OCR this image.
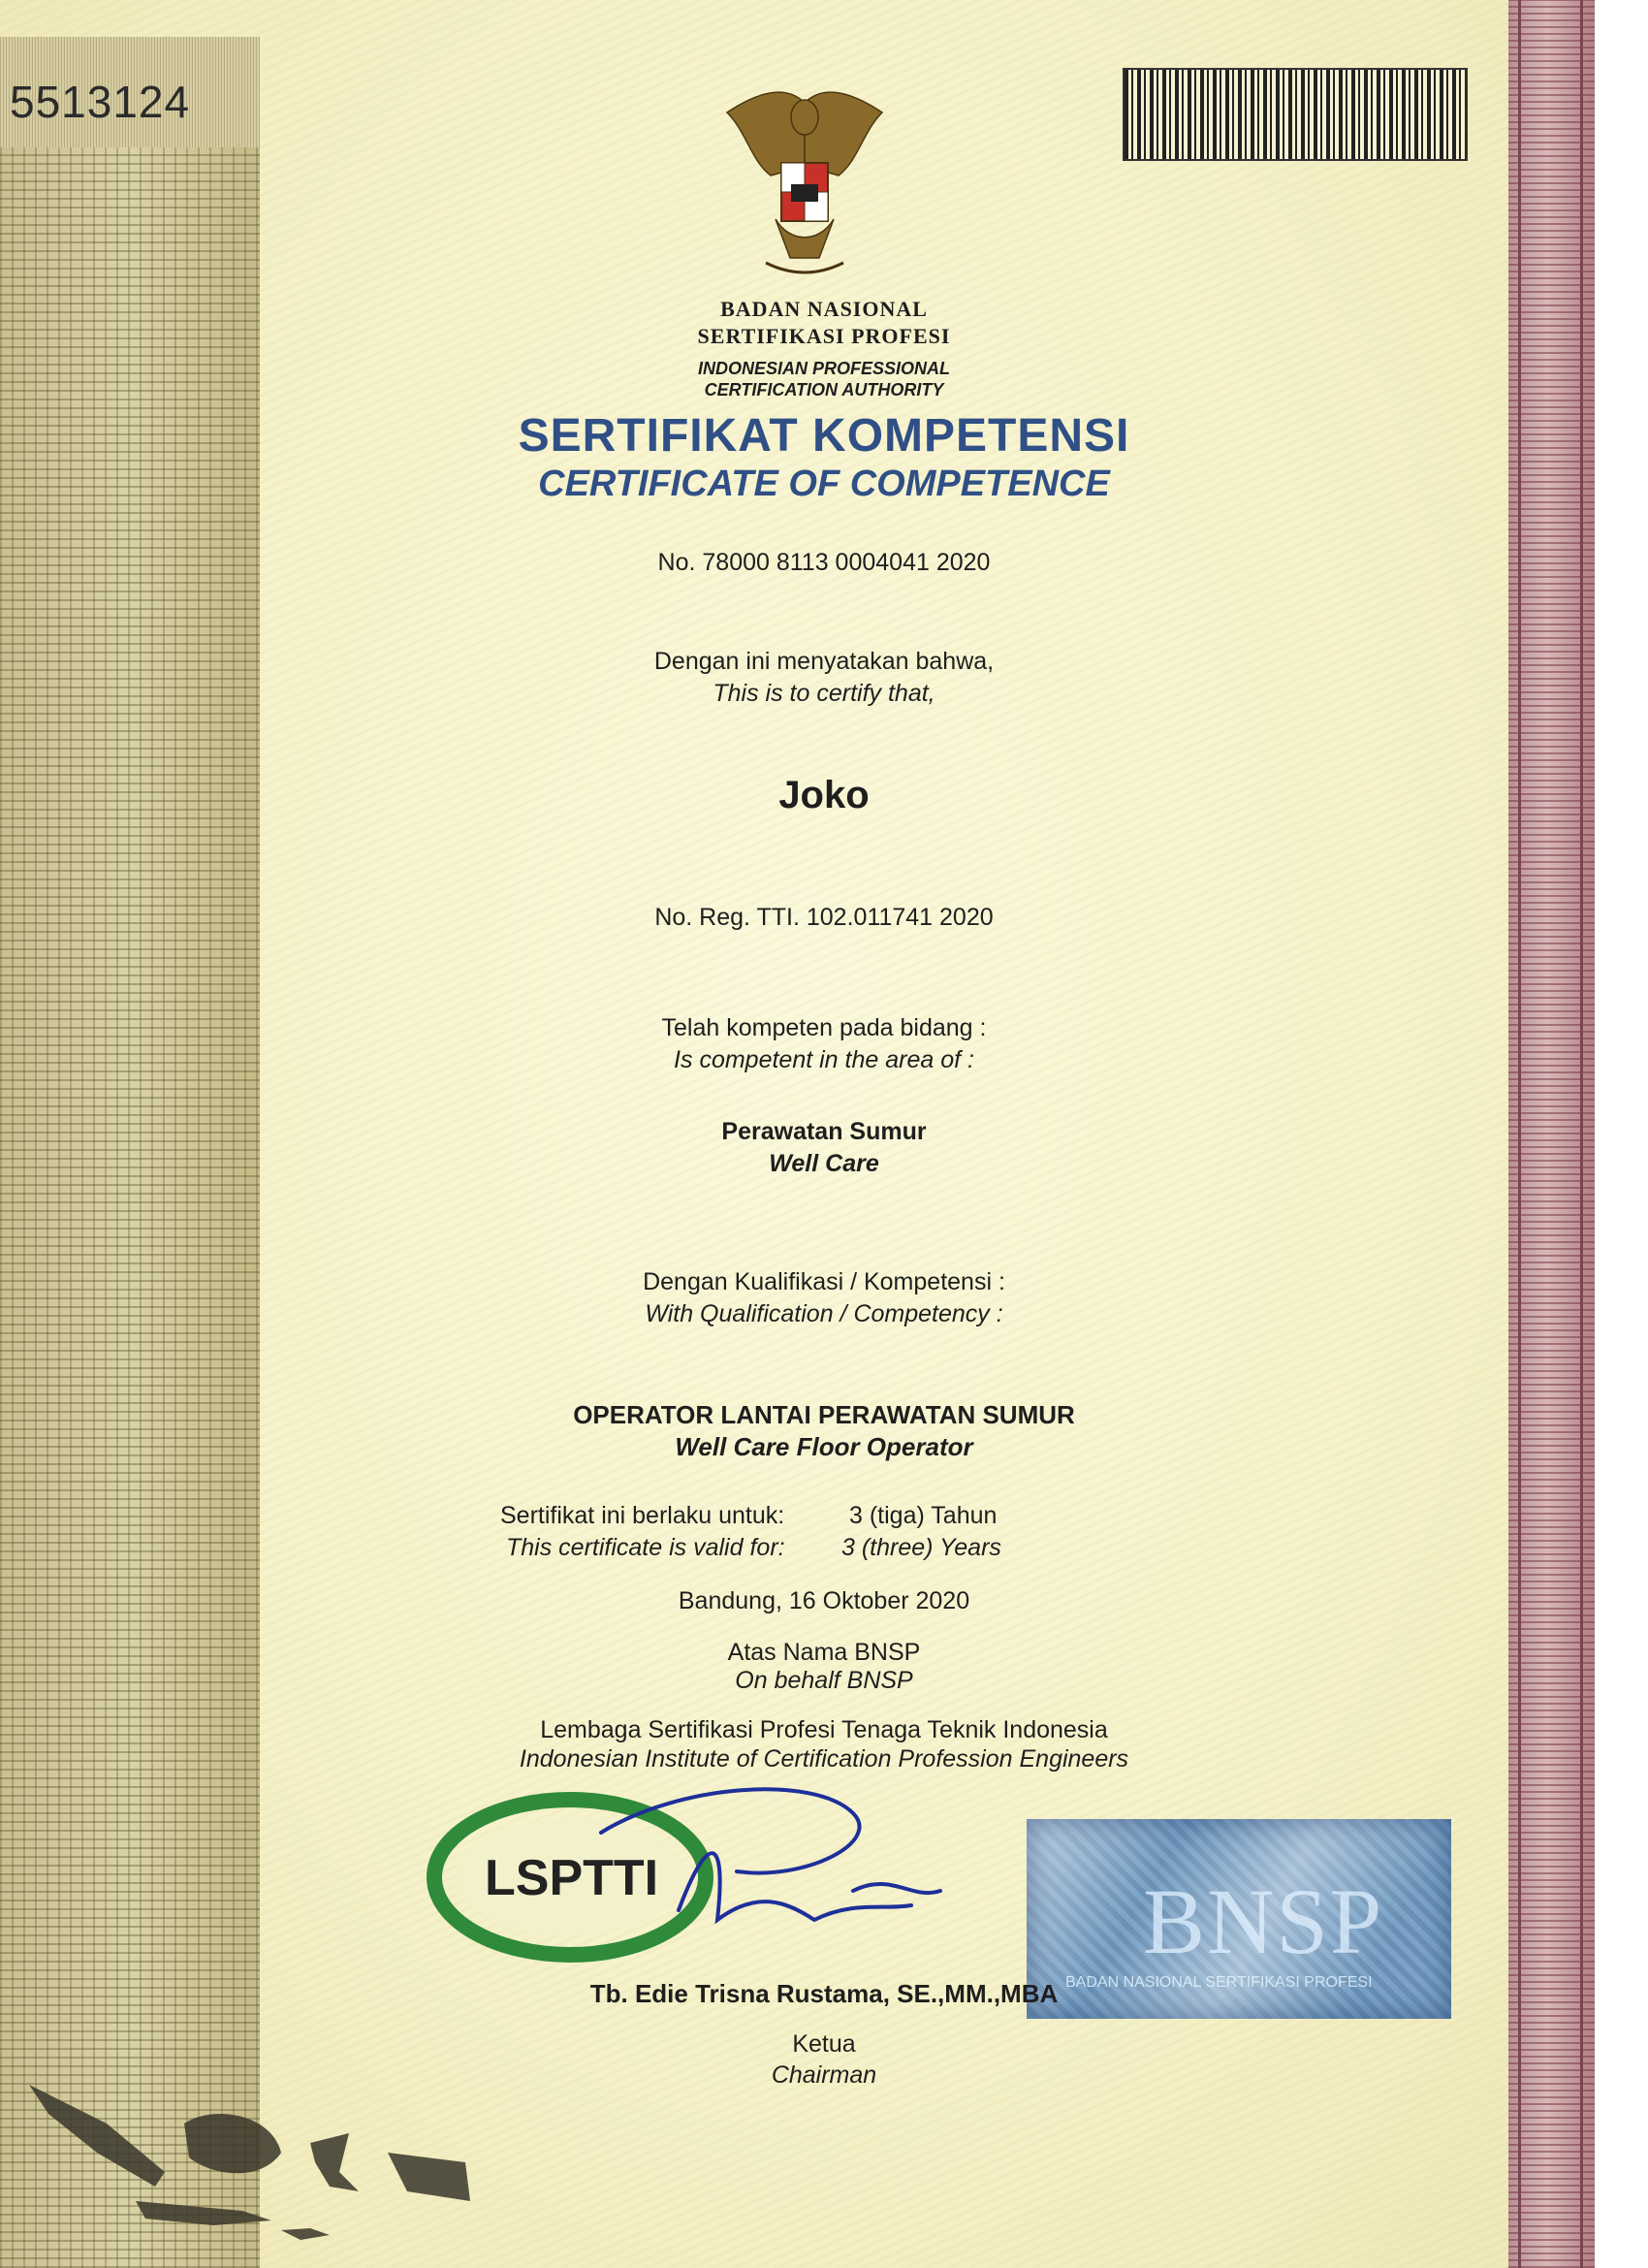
5513124
BADAN NASIONAL
SERTIFIKASI PROFESI
INDONESIAN PROFESSIONAL
CERTIFICATION AUTHORITY
SERTIFIKAT KOMPETENSI
CERTIFICATE OF COMPETENCE
No. 78000 8113 0004041 2020
Dengan ini menyatakan bahwa,
This is to certify that,
Joko
No. Reg. TTI. 102.011741 2020
Telah kompeten pada bidang :
Is competent in the area of :
Perawatan Sumur
Well Care
Dengan Kualifikasi / Kompetensi :
With Qualification / Competency :
OPERATOR LANTAI PERAWATAN SUMUR
Well Care Floor Operator
Sertifikat ini berlaku untuk:	3 (tiga) Tahun
This certificate is valid for: 3 (three) Years
Bandung, 16 Oktober 2020
Atas Nama BNSP
On behalf BNSP
Lembaga Sertifikasi Profesi Tenaga Teknik Indonesia
Indonesian Institute of Certification Profession Engineers
LSPTTI	BNSP
BADAN NASIONAL SERTIFIKASI PROFESI
Tb. Edie Trisna Rustama, SE.,MM.,MBA
Ketua
Chairman
